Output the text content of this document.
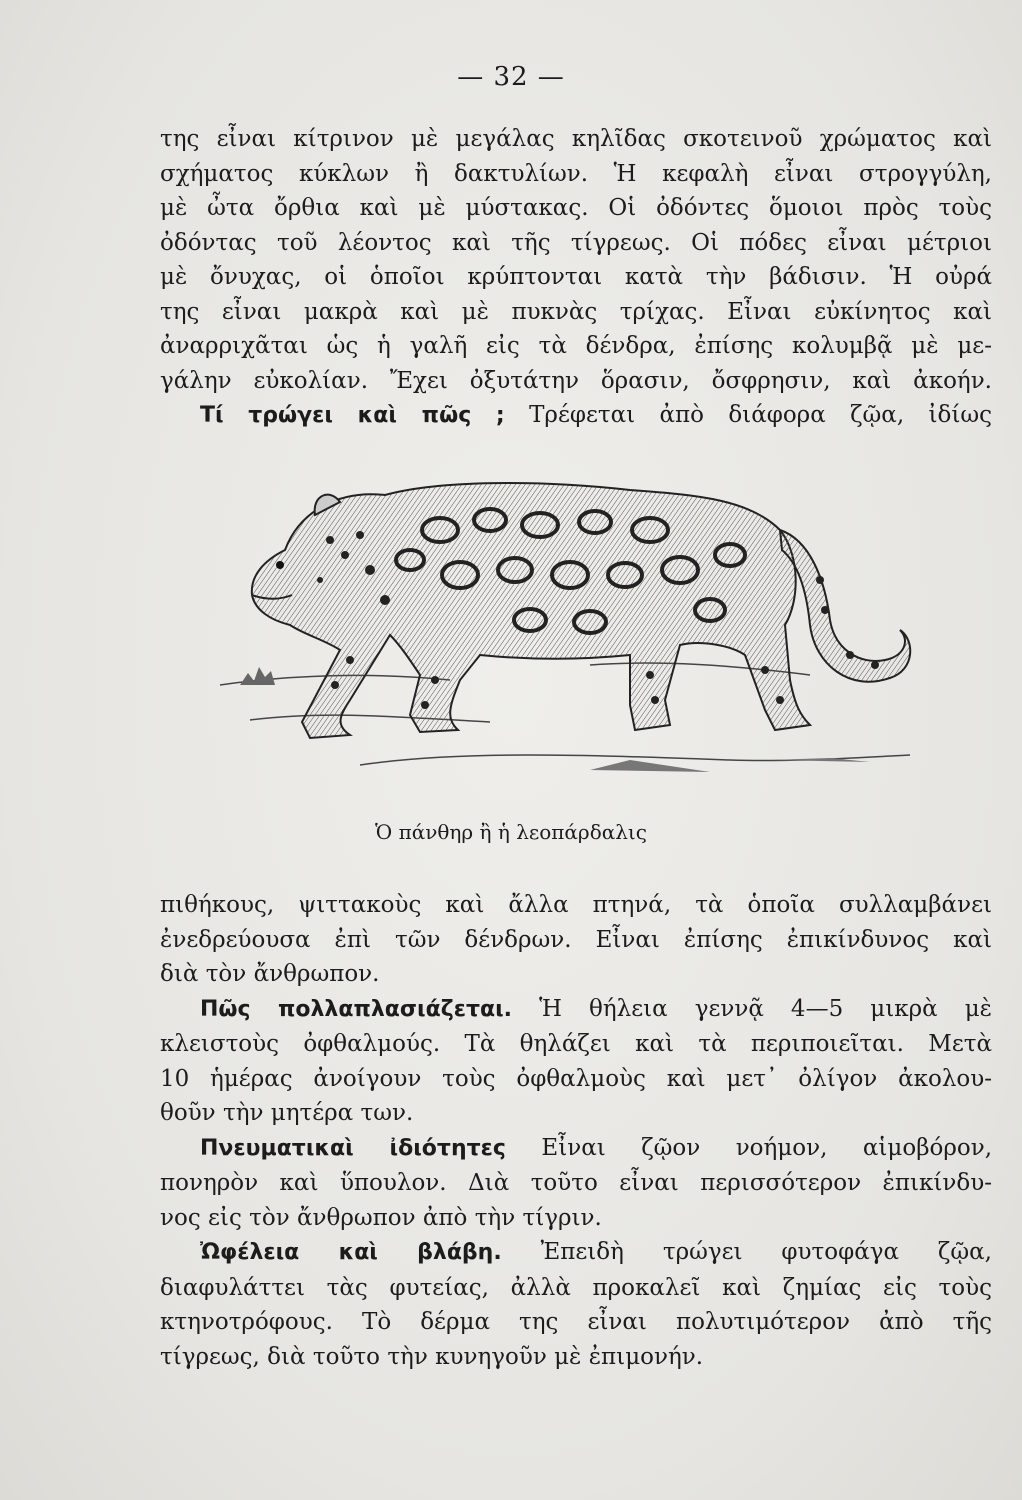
— 32 —
της εἶναι κίτρινον μὲ μεγάλας κηλῖδας σκοτεινοῦ χρώματος καὶ
σχήματος κύκλων ἢ δακτυλίων. Ἡ κεφαλὴ εἶναι στρογγύλη,
μὲ ὦτα ὄρθια καὶ μὲ μύστακας. Οἱ ὀδόντες ὅμοιοι πρὸς τοὺς
ὀδόντας τοῦ λέοντος καὶ τῆς τίγρεως. Οἱ πόδες εἶναι μέτριοι
μὲ ὄνυχας, οἱ ὁποῖοι κρύπτονται κατὰ τὴν βάδισιν. Ἡ οὐρά
της εἶναι μακρὰ καὶ μὲ πυκνὰς τρίχας. Εἶναι εὐκίνητος καὶ
ἀναρριχᾶται ὡς ἡ γαλῆ εἰς τὰ δένδρα, ἐπίσης κολυμβᾷ μὲ με-
γάλην εὐκολίαν. Ἔχει ὀξυτάτην ὅρασιν, ὄσφρησιν, καὶ ἀκοήν.
Τί τρώγει καὶ πῶς ; Τρέφεται ἀπὸ διάφορα ζῷα, ἰδίως
Ὁ πάνθηρ ἢ ἡ λεοπάρδαλις
πιθήκους, ψιττακοὺς καὶ ἄλλα πτηνά, τὰ ὁποῖα συλλαμβάνει
ἐνεδρεύουσα ἐπὶ τῶν δένδρων. Εἶναι ἐπίσης ἐπικίνδυνος καὶ
διὰ τὸν ἄνθρωπον.
Πῶς πολλαπλασιάζεται. Ἡ θήλεια γεννᾷ 4—5 μικρὰ μὲ
κλειστοὺς ὀφθαλμούς. Τὰ θηλάζει καὶ τὰ περιποιεῖται. Μετὰ
10 ἡμέρας ἀνοίγουν τοὺς ὀφθαλμοὺς καὶ μετ᾿ ὀλίγον ἀκολου-
θοῦν τὴν μητέρα των.
Πνευματικαὶ ἰδιότητες Εἶναι ζῷον νοήμον, αἱμοβόρον,
πονηρὸν καὶ ὕπουλον. Διὰ τοῦτο εἶναι περισσότερον ἐπικίνδυ-
νος εἰς τὸν ἄνθρωπον ἀπὸ τὴν τίγριν.
Ὠφέλεια καὶ βλάβη. Ἐπειδὴ τρώγει φυτοφάγα ζῷα,
διαφυλάττει τὰς φυτείας, ἀλλὰ προκαλεῖ καὶ ζημίας εἰς τοὺς
κτηνοτρόφους. Τὸ δέρμα της εἶναι πολυτιμότερον ἀπὸ τῆς
τίγρεως, διὰ τοῦτο τὴν κυνηγοῦν μὲ ἐπιμονήν.
